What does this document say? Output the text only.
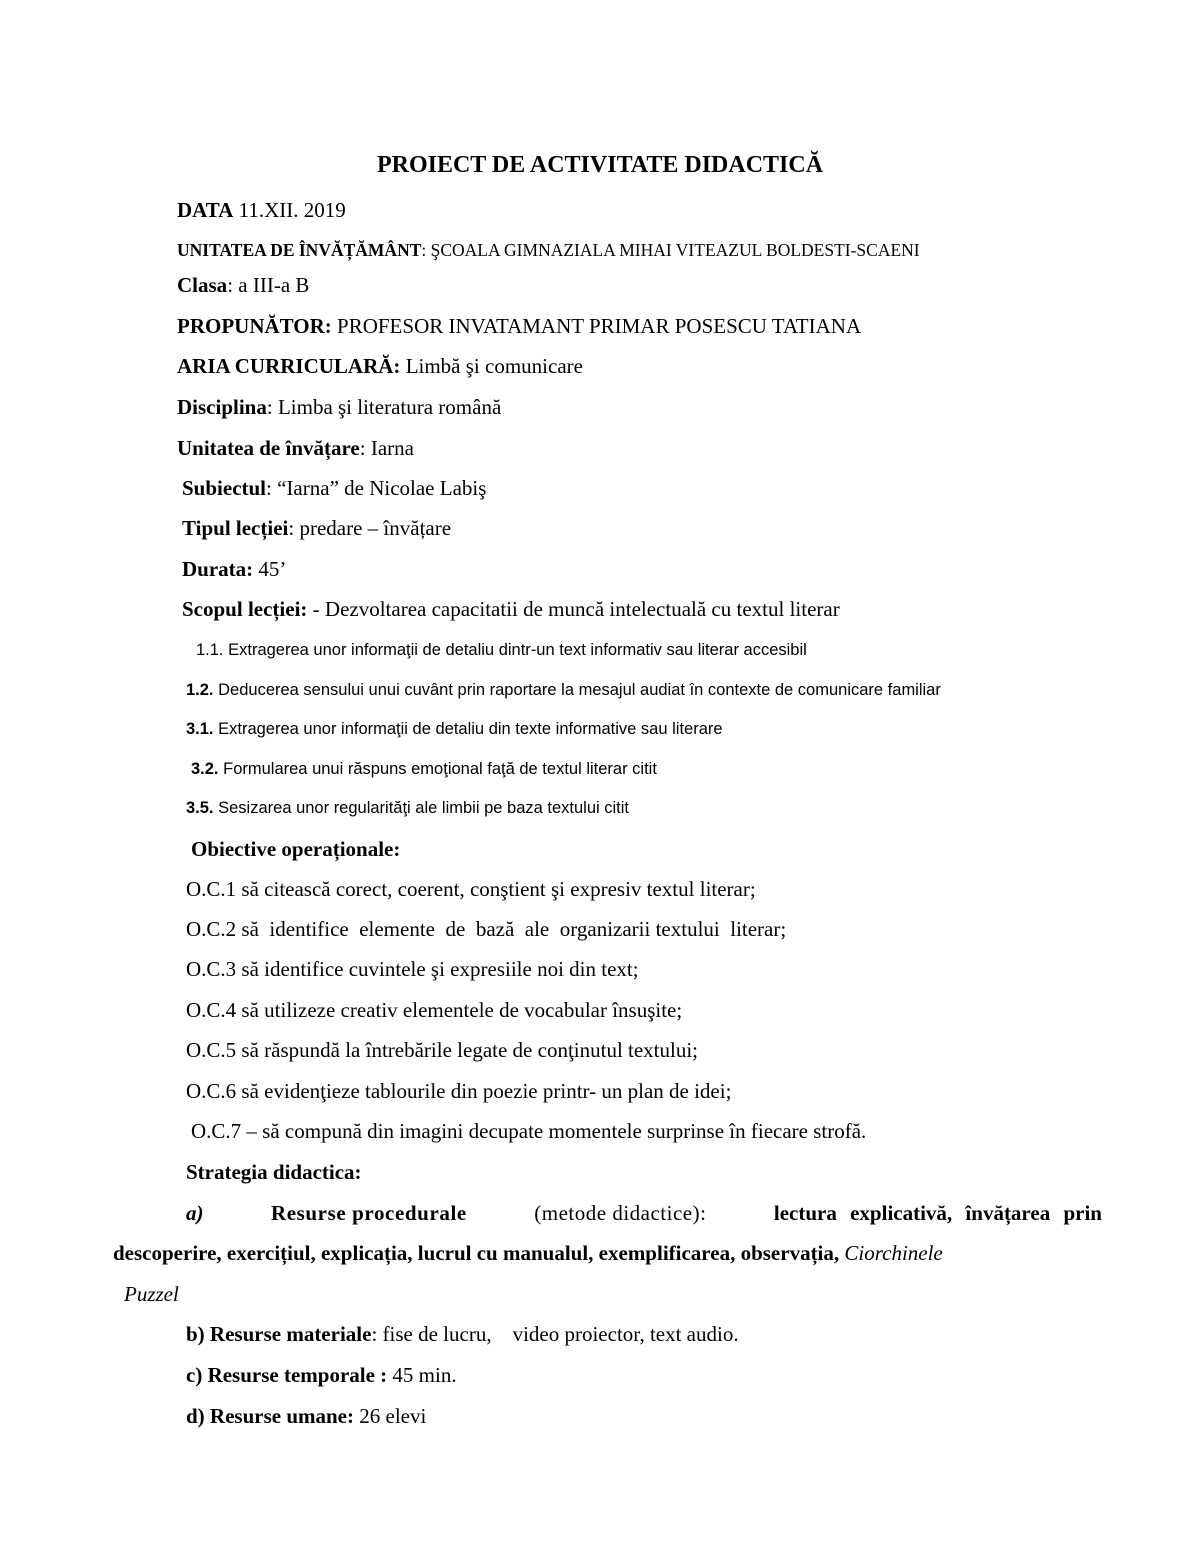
PROIECT DE ACTIVITATE DIDACTICĂ
DATA 11.XII. 2019
UNITATEA DE ÎNVĂȚĂMÂNT: ŞCOALA GIMNAZIALA MIHAI VITEAZUL BOLDESTI-SCAENI
Clasa: a III-a B
PROPUNĂTOR: PROFESOR INVATAMANT PRIMAR POSESCU TATIANA
ARIA CURRICULARĂ: Limbă şi comunicare
Disciplina: Limba şi literatura română
Unitatea de învățare: Iarna
Subiectul: “Iarna” de Nicolae Labiş
Tipul lecției: predare – învățare
Durata: 45’
Scopul lecției: - Dezvoltarea capacitatii de muncă intelectuală cu textul literar
1.1. Extragerea unor informaţii de detaliu dintr-un text informativ sau literar accesibil
1.2. Deducerea sensului unui cuvânt prin raportare la mesajul audiat în contexte de comunicare familiar
3.1. Extragerea unor informaţii de detaliu din texte informative sau literare
3.2. Formularea unui răspuns emoţional faţă de textul literar citit
3.5. Sesizarea unor regularităţi ale limbii pe baza textului citit
Obiective operaționale:
O.C.1 să citească corect, coerent, conştient şi expresiv textul literar;
O.C.2 să  identifice  elemente  de  bază  ale  organizarii textului  literar;
O.C.3 să identifice cuvintele şi expresiile noi din text;
O.C.4 să utilizeze creativ elementele de vocabular însuşite;
O.C.5 să răspundă la întrebările legate de conţinutul textului;
O.C.6 să evidenţieze tablourile din poezie printr- un plan de idei;
O.C.7 – să compună din imagini decupate momentele surprinse în fiecare strofă.
Strategia didactica:
a)	Resurse procedurale	(metode didactice):	lectura explicativă, învățarea prin
descoperire, exercițiul, explicația, lucrul cu manualul, exemplificarea, observația, Ciorchinele
Puzzel
b) Resurse materiale: fise de lucru,    video proiector, text audio.
c) Resurse temporale : 45 min.
d) Resurse umane: 26 elevi
